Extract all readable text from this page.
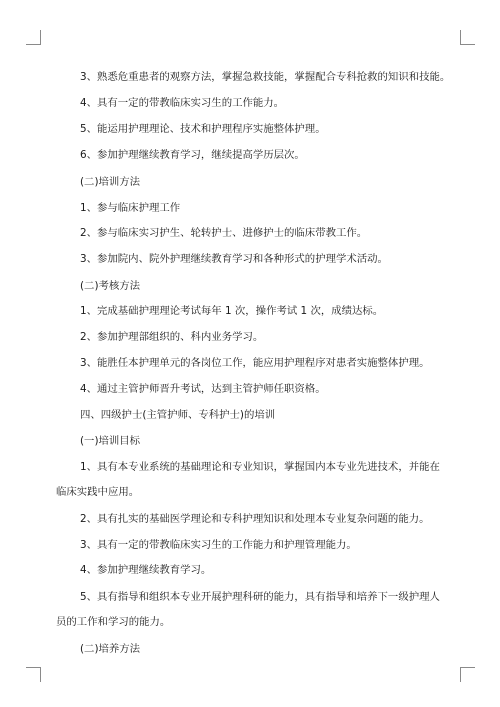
3、熟悉危重患者的观察方法，掌握急救技能，掌握配合专科抢救的知识和技能。
4、具有一定的带教临床实习生的工作能力。
5、能运用护理理论、技术和护理程序实施整体护理。
6、参加护理继续教育学习，继续提高学历层次。
(二)培训方法
1、参与临床护理工作
2、参与临床实习护生、轮转护士、进修护士的临床带教工作。
3、参加院内、院外护理继续教育学习和各种形式的护理学术活动。
(二)考核方法
1、完成基础护理理论考试每年 1 次，操作考试 1 次，成绩达标。
2、参加护理部组织的、科内业务学习。
3、能胜任本护理单元的各岗位工作，能应用护理程序对患者实施整体护理。
4、通过主管护师晋升考试，达到主管护师任职资格。
四、四级护士(主管护师、专科护士)的培训
(一)培训目标
1、具有本专业系统的基础理论和专业知识，掌握国内本专业先进技术，并能在
临床实践中应用。
2、具有扎实的基础医学理论和专科护理知识和处理本专业复杂问题的能力。
3、具有一定的带教临床实习生的工作能力和护理管理能力。
4、参加护理继续教育学习。
5、具有指导和组织本专业开展护理科研的能力，具有指导和培养下一级护理人
员的工作和学习的能力。
(二)培养方法
